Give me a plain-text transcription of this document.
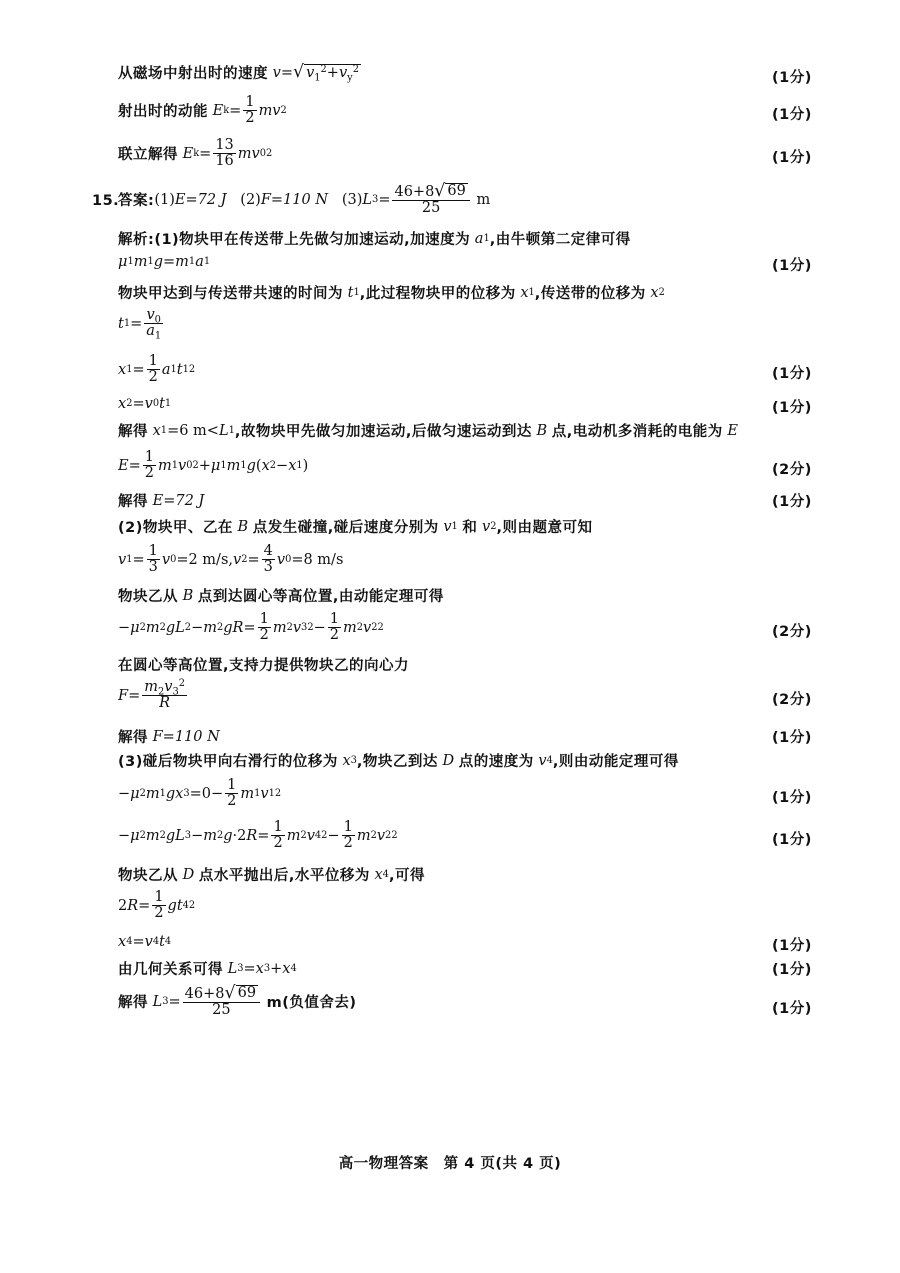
从磁场中射出时的速度
v = √ $v_1^2+v_y^2$
(1分)
射出时的动能
E $k = \frac{1}{2}$ mv 2	(1分)
联立解得
E $k = \frac{13}{16}$ mv 0 2	(1分)
15.
答案: (1) E=72 J
(2) F=110 N
(3) L $3 = \frac{46+8 √ 69}{25}$
m
解析: (1)物块甲在传送带上先做匀加速运动,加速度为
a 1 ,由牛顿第二定律可得
μ 1 m 1 g = m 1 a 1	(1分)
物块甲达到与传送带共速的时间为
t 1 ,此过程物块甲的位移为
x 1 ,传送带的位移为
x 2
t $1 = \frac{v_0}{a_1}$
x $1 = \frac{1}{2}$ a 1 t 1 2	(1分)
x 2 = v 0 t 1	(1分)
解得
x 1 =6 m< L 1 ,故物块甲先做匀加速运动,后做匀速运动到达
B
点,电动机多消耗的电能为
E
$E = \frac{1}{2}$ m 1 v 0 2 + μ 1 m 1 g ( x 2 − x 1 )	(2分)
解得
E=72 J	(1分)
(2)物块甲、乙在
B
点发生碰撞,碰后速度分别为
v 1
和
v 2 ,则由题意可知
v $1 = \frac{1}{3}$ v 0 =2 m/s, v $2 = \frac{4}{3}$ v 0 =8 m/s
物块乙从
B
点到达圆心等高位置,由动能定理可得
− μ 2 m 2 gL 2 − m 2 gR = $\frac{1}{2}$ m 2 v 3 $2 - \frac{1}{2}$ m 2 v 2 2	(2分)
在圆心等高位置,支持力提供物块乙的向心力
$F = \frac{m_2v_3^2}{R}$	(2分)
解得
F=110 N	(1分)
(3)碰后物块甲向右滑行的位移为
x 3 ,物块乙到达
D
点的速度为
v 4 ,则由动能定理可得
− μ 2 m 1 gx $3 =0- \frac{1}{2}$ m 1 v 1 2	(1分)
− μ 2 m 2 gL 3 − m 2 g ·2 $R = \frac{1}{2}$ m 2 v 4 $2 - \frac{1}{2}$ m 2 v 2 2	(1分)
物块乙从
D
点水平抛出后,水平位移为
x 4 ,可得
2 $R = \frac{1}{2}$ gt 4 2
x 4 = v 4 t 4	(1分)
由几何关系可得
L 3 = x 3 + x 4	(1分)
解得
L $3 = \frac{46+8 √ 69}{25}$
m(负值舍去)	(1分)
高一物理答案　第 4 页(共 4 页)
